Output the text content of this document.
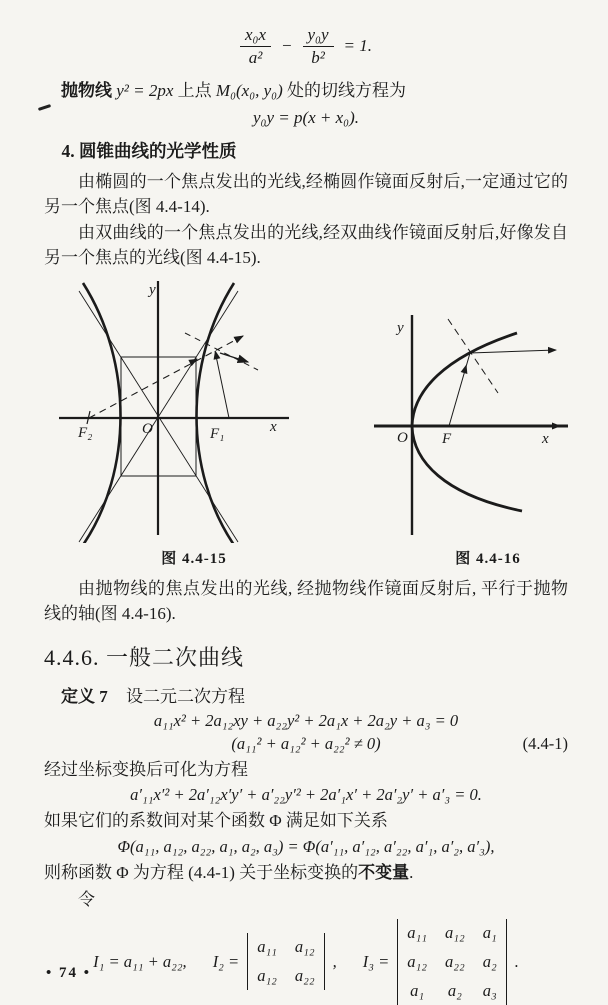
$\frac{\text{x₀x}}{\text{a²}} - \frac{\text{y₀y}}{\text{b²}} = 1$.
抛物线 y² = 2px 上点 M₀(x₀, y₀) 处的切线方程为
y₀y = p(x + x₀).
4. 圆锥曲线的光学性质
由椭圆的一个焦点发出的光线,经椭圆作镜面反射后,一定通过它的另一个焦点(图 4.4-14).
由双曲线的一个焦点发出的光线,经双曲线作镜面反射后,好像发自另一个焦点的光线(图 4.4-15).
y
x
O
F₂	F₁
图 4.4-15
y
x
O F
图 4.4-16
由抛物线的焦点发出的光线, 经抛物线作镜面反射后, 平行于抛物线的轴(图 4.4-16).
4.4.6. 一般二次曲线
定义 7 设二元二次方程
a₁₁x² + 2a₁₂xy + a₂₂y² + 2a₁x + 2a₂y + a₃ = 0
(a₁₁² + a₁₂² + a₂₂² ≠ 0)	(4.4-1)
经过坐标变换后可化为方程
a′₁₁x′² + 2a′₁₂x′y′ + a′₂₂y′² + 2a′₁x′ + 2a′₂y′ + a′₃ = 0.
如果它们的系数间对某个函数 Φ 满足如下关系
Φ(a₁₁, a₁₂, a₂₂, a₁, a₂, a₃) = Φ(a′₁₁, a′₁₂, a′₂₂, a′₁, a′₂, a′₃),
则称函数 Φ 为方程 (4.4-1) 关于坐标变换的不变量.
令
I₁ = a₁₁ + a₂₂, I₂ =
a₁₁ a₁₂
a₁₂ a₂₂
, I₃ =
a₁₁ a₁₂ a₁
a₁₂ a₂₂ a₂
a₁ a₂ a₃
.
• 74 •
